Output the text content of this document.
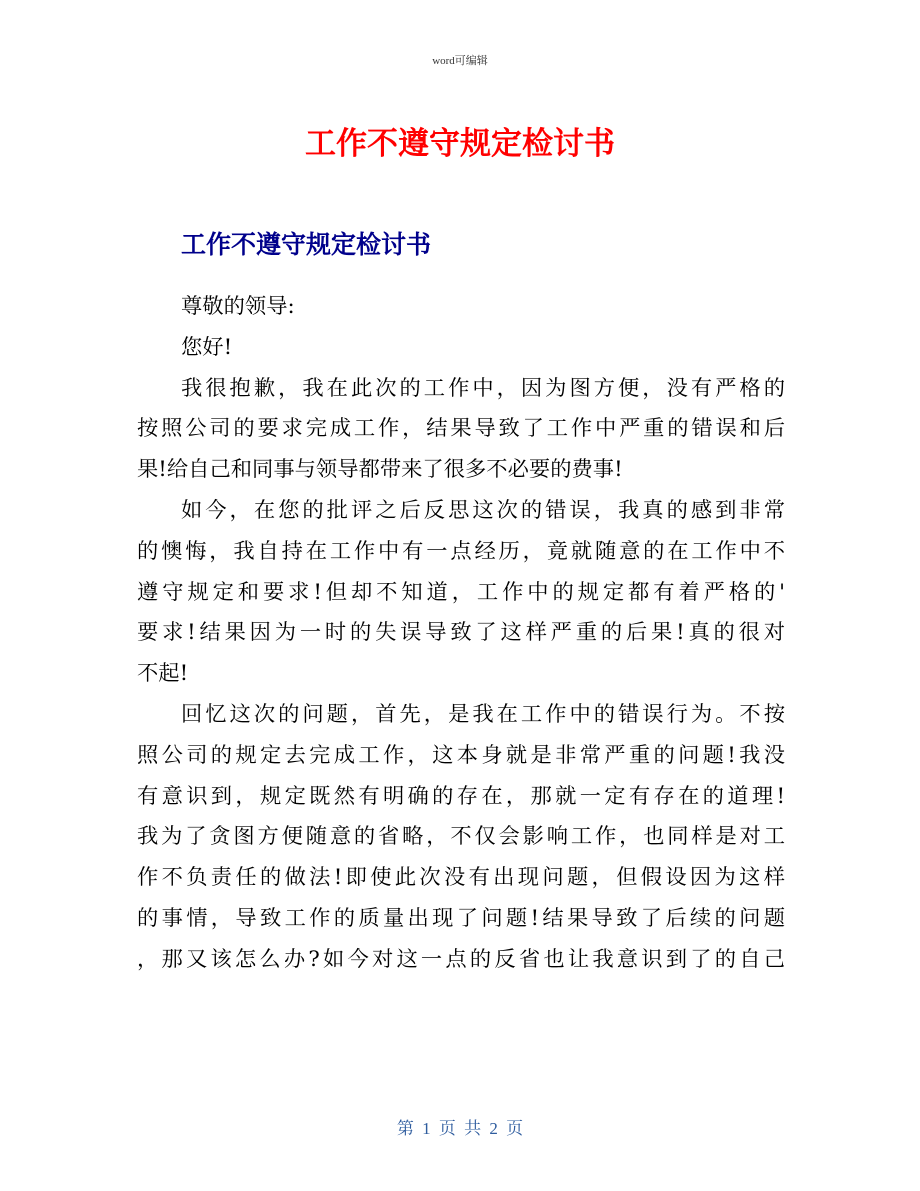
word可编辑
工作不遵守规定检讨书
工作不遵守规定检讨书
尊敬的领导:
您好!
我很抱歉，我在此次的工作中，因为图方便，没有严格的
按照公司的要求完成工作，结果导致了工作中严重的错误和后
果!给自己和同事与领导都带来了很多不必要的费事!
如今，在您的批评之后反思这次的错误，我真的感到非常
的懊悔，我自持在工作中有一点经历，竟就随意的在工作中不
遵守规定和要求!但却不知道，工作中的规定都有着严格的'
要求!结果因为一时的失误导致了这样严重的后果!真的很对
不起!
回忆这次的问题，首先，是我在工作中的错误行为。不按
照公司的规定去完成工作，这本身就是非常严重的问题!我没
有意识到，规定既然有明确的存在，那就一定有存在的道理!
我为了贪图方便随意的省略，不仅会影响工作，也同样是对工
作不负责任的做法!即使此次没有出现问题，但假设因为这样
的事情，导致工作的质量出现了问题!结果导致了后续的问题
，那又该怎么办?如今对这一点的反省也让我意识到了的自己
第 1 页 共 2 页
